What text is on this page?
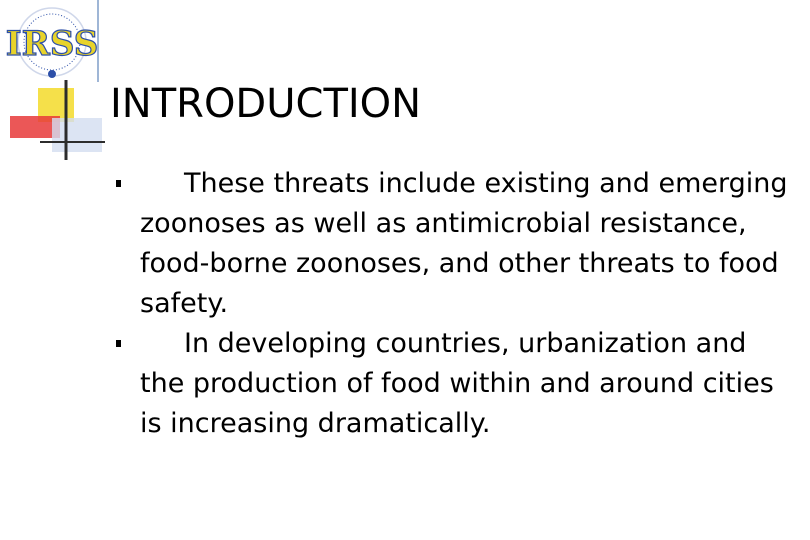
IRSS
INTRODUCTION

These threats include existing and emerging zoonoses as well as antimicrobial resistance, food-borne zoonoses, and other threats to food safety.

In developing countries, urbanization and the production of food within and around cities is increasing dramatically.
